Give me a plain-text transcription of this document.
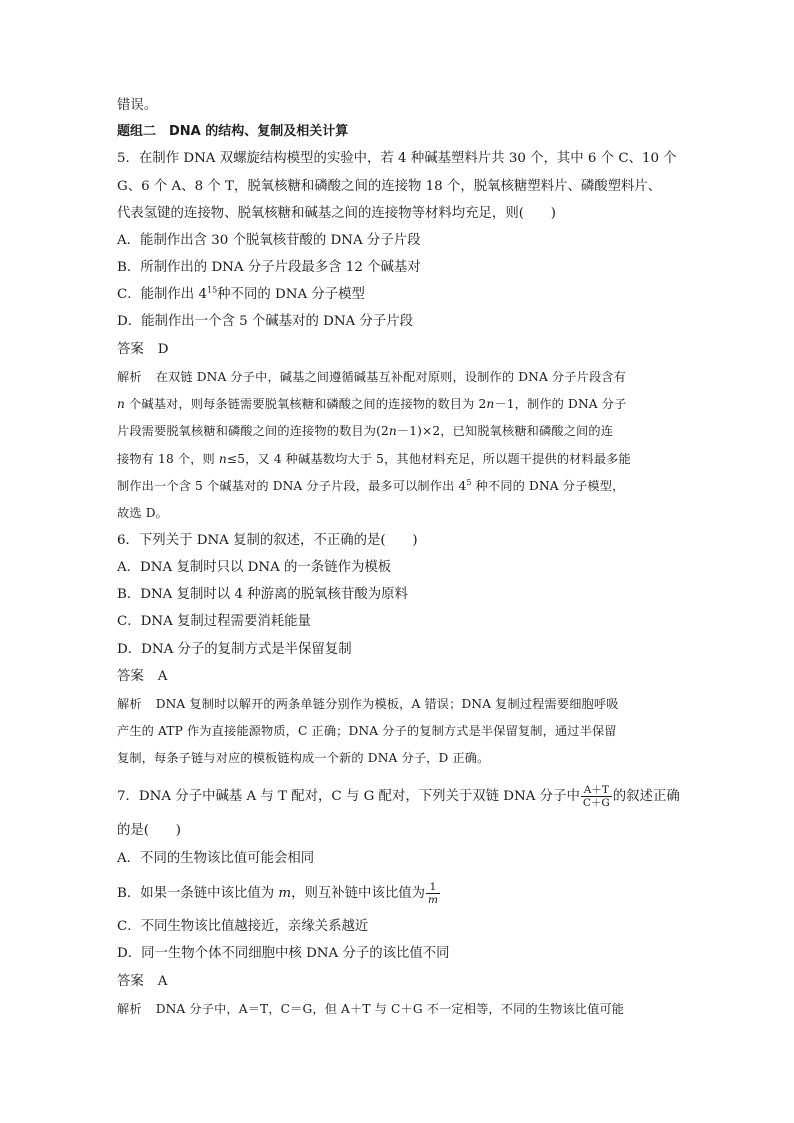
错误。
题组二　DNA 的结构、复制及相关计算
5．在制作 DNA 双螺旋结构模型的实验中，若 4 种碱基塑料片共 30 个，其中 6 个 C、10 个
G、6 个 A、8 个 T，脱氧核糖和磷酸之间的连接物 18 个，脱氧核糖塑料片、磷酸塑料片、
代表氢键的连接物、脱氧核糖和碱基之间的连接物等材料均充足，则(　　)
A．能制作出含 30 个脱氧核苷酸的 DNA 分子片段
B．所制作出的 DNA 分子片段最多含 12 个碱基对
C．能制作出 $4^{15}$种不同的 DNA 分子模型
D．能制作出一个含 5 个碱基对的 DNA 分子片段
答案 D
解析 在双链 DNA 分子中，碱基之间遵循碱基互补配对原则，设制作的 DNA 分子片段含有
n 个碱基对，则每条链需要脱氧核糖和磷酸之间的连接物的数目为 2n－1，制作的 DNA 分子
片段需要脱氧核糖和磷酸之间的连接物的数目为(2n－1)×2，已知脱氧核糖和磷酸之间的连
接物有 18 个，则 n≤5，又 4 种碱基数均大于 5，其他材料充足，所以题干提供的材料最多能
制作出一个含 5 个碱基对的 DNA 分子片段，最多可以制作出 $4^5$ 种不同的 DNA 分子模型，
故选 D。
6．下列关于 DNA 复制的叙述，不正确的是(　　)
A．DNA 复制时只以 DNA 的一条链作为模板
B．DNA 复制时以 4 种游离的脱氧核苷酸为原料
C．DNA 复制过程需要消耗能量
D．DNA 分子的复制方式是半保留复制
答案 A
解析 DNA 复制时以解开的两条单链分别作为模板，A 错误；DNA 复制过程需要细胞呼吸
产生的 ATP 作为直接能源物质，C 正确；DNA 分子的复制方式是半保留复制，通过半保留
复制，每条子链与对应的模板链构成一个新的 DNA 分子，D 正确。
7．DNA 分子中碱基 A 与 T 配对，C 与 G 配对，下列关于双链 DNA 分子中 $\frac{A+T}{C+G}$ 的叙述正确
的是(　　)
A．不同的生物该比值可能会相同
B．如果一条链中该比值为 m，则互补链中该比值为 $\frac{1}{m}$
C．不同生物该比值越接近，亲缘关系越近
D．同一生物个体不同细胞中核 DNA 分子的该比值不同
答案 A
解析 DNA 分子中，A＝T，C＝G，但 A＋T 与 C＋G 不一定相等，不同的生物该比值可能
